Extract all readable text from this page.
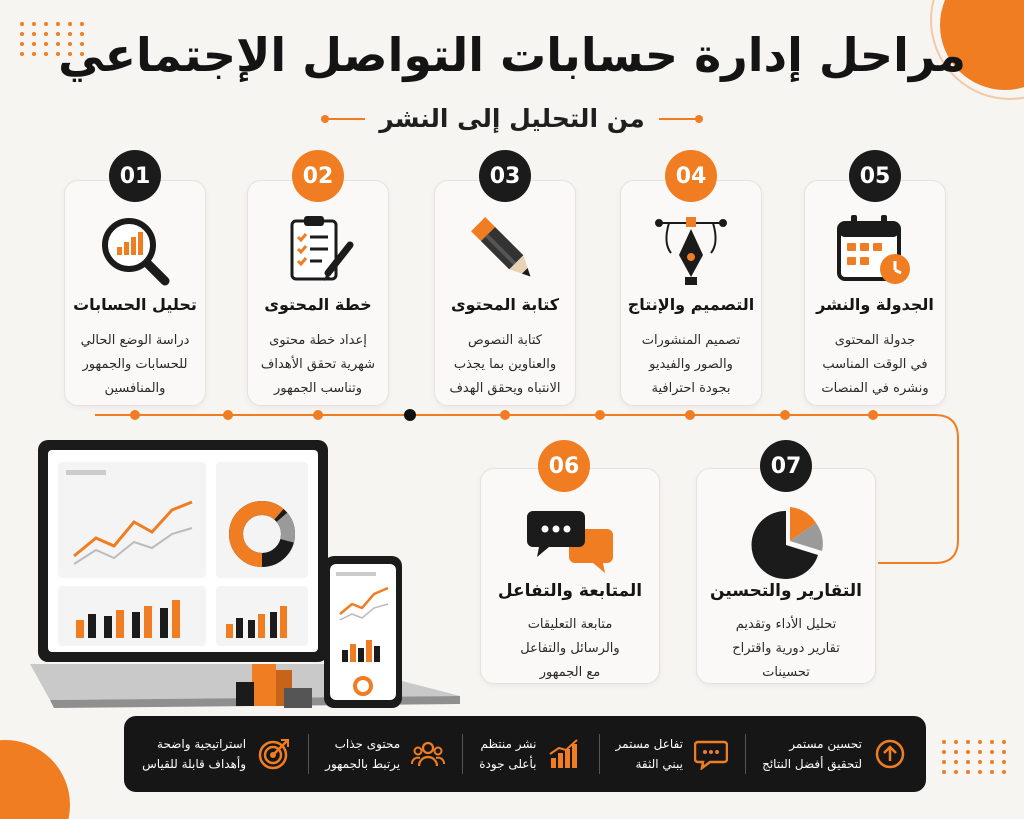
مراحل إدارة حسابات التواصل الإجتماعي
من التحليل إلى النشر
تحليل الحسابات
دراسة الوضع الحالي
للحسابات والجمهور
والمنافسين
01
خطة المحتوى
إعداد خطة محتوى
شهرية تحقق الأهداف
وتناسب الجمهور
02
كتابة المحتوى
كتابة النصوص
والعناوين بما يجذب
الانتباه ويحقق الهدف
03
التصميم والإنتاج
تصميم المنشورات
والصور والفيديو
بجودة احترافية
04
الجدولة والنشر
جدولة المحتوى
في الوقت المناسب
ونشره في المنصات
05
المتابعة والتفاعل
متابعة التعليقات
والرسائل والتفاعل
مع الجمهور
06
التقارير والتحسين
تحليل الأداء وتقديم
تقارير دورية واقتراح
تحسينات
07
تحسين مستمر
لتحقيق أفضل النتائج
تفاعل مستمر
يبني الثقة
نشر منتظم
بأعلى جودة
محتوى جذاب
يرتبط بالجمهور
استراتيجية واضحة
وأهداف قابلة للقياس
